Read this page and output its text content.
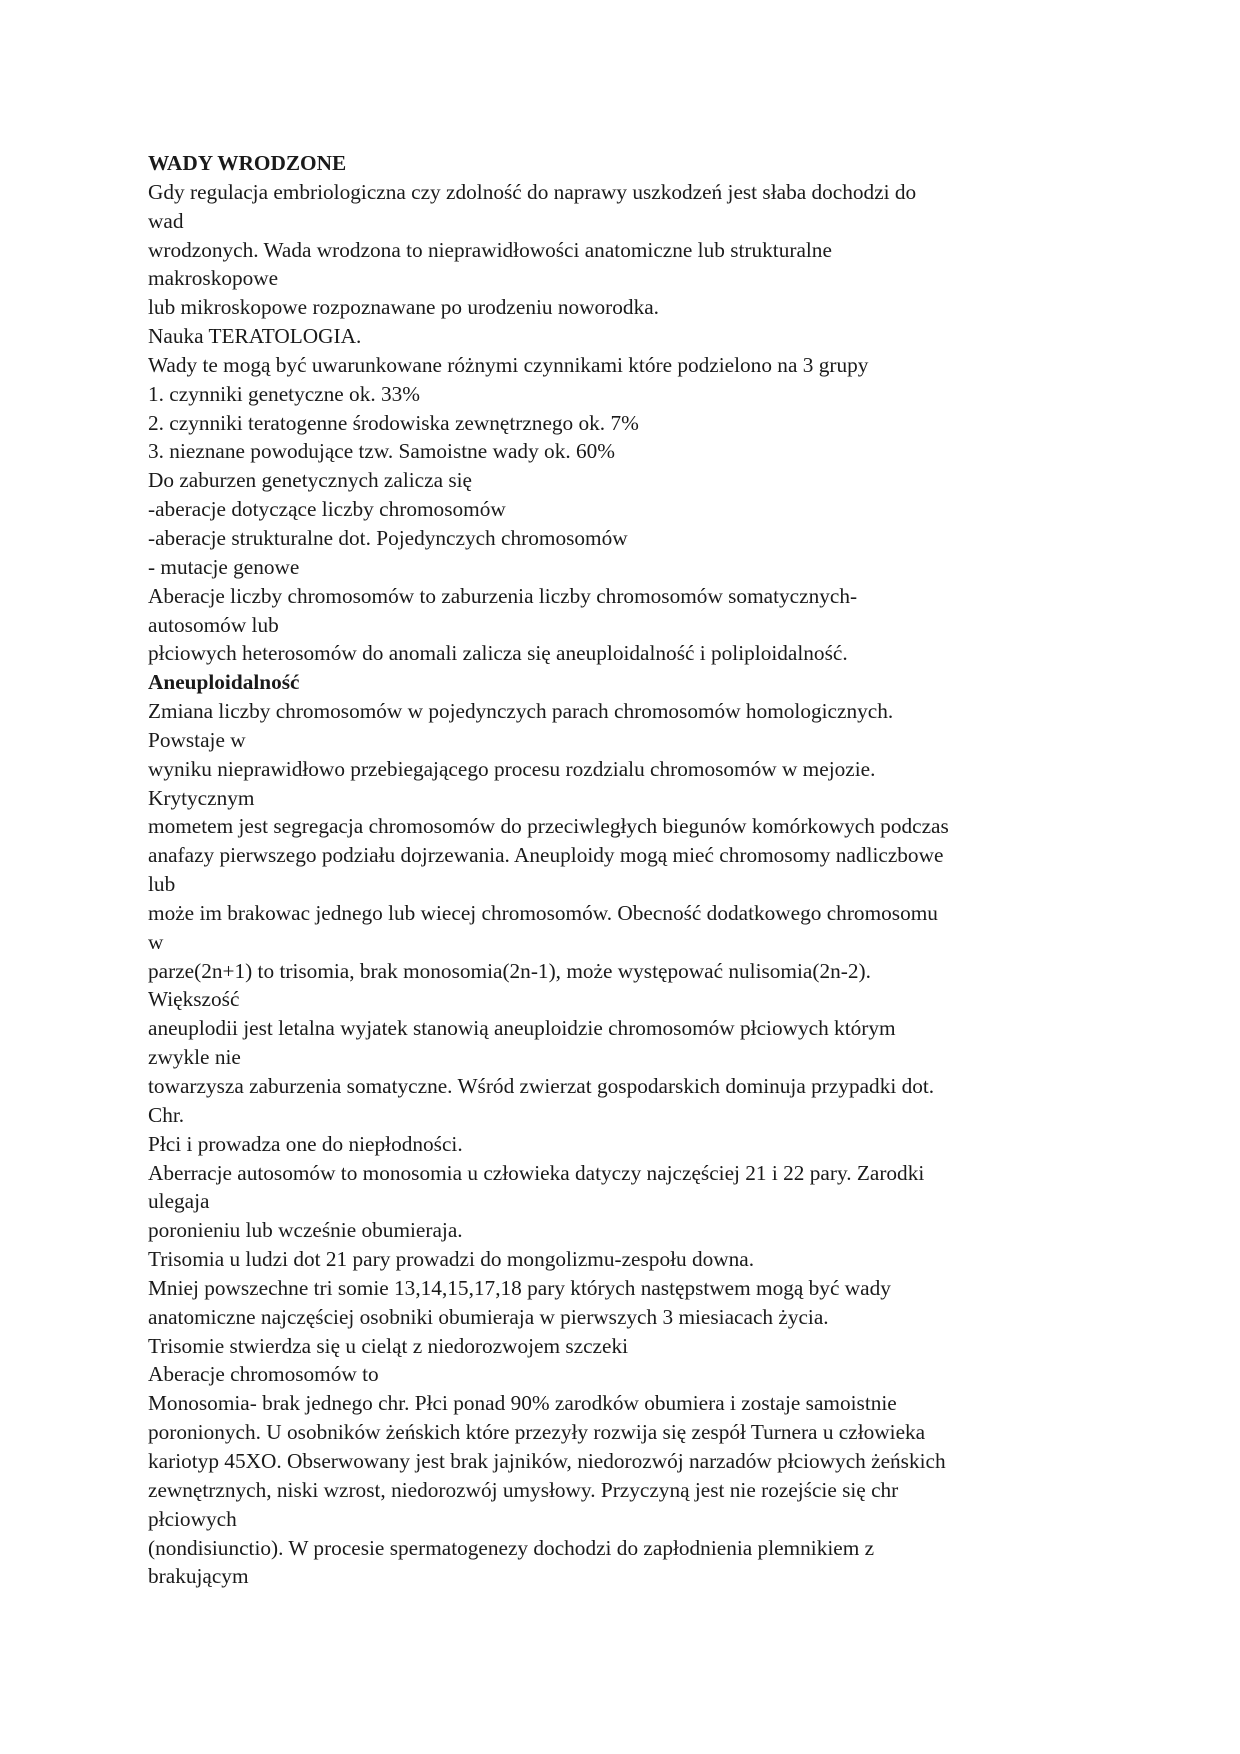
WADY WRODZONE
Gdy regulacja embriologiczna czy zdolność do naprawy uszkodzeń jest słaba dochodzi do
wad
wrodzonych. Wada wrodzona to nieprawidłowości anatomiczne lub strukturalne
makroskopowe
lub mikroskopowe rozpoznawane po urodzeniu noworodka.
Nauka TERATOLOGIA.
Wady te mogą być uwarunkowane różnymi czynnikami które podzielono na 3 grupy
1. czynniki genetyczne ok. 33%
2. czynniki teratogenne środowiska zewnętrznego ok. 7%
3. nieznane powodujące tzw. Samoistne wady ok. 60%
Do zaburzen genetycznych zalicza się
-aberacje dotyczące liczby chromosomów
-aberacje strukturalne dot. Pojedynczych chromosomów
- mutacje genowe
Aberacje liczby chromosomów to zaburzenia liczby chromosomów somatycznych-
autosomów lub
płciowych heterosomów do anomali zalicza się aneuploidalność i poliploidalność.
Aneuploidalność
Zmiana liczby chromosomów w pojedynczych parach chromosomów homologicznych.
Powstaje w
wyniku nieprawidłowo przebiegającego procesu rozdzialu chromosomów w mejozie.
Krytycznym
mometem jest segregacja chromosomów do przeciwległych biegunów komórkowych podczas
anafazy pierwszego podziału dojrzewania. Aneuploidy mogą mieć chromosomy nadliczbowe
lub
może im brakowac jednego lub wiecej chromosomów. Obecność dodatkowego chromosomu
w
parze(2n+1) to trisomia, brak monosomia(2n-1), może występować nulisomia(2n-2).
Większość
aneuplodii jest letalna wyjatek stanowią aneuploidzie chromosomów płciowych którym
zwykle nie
towarzysza zaburzenia somatyczne. Wśród zwierzat gospodarskich dominuja przypadki dot.
Chr.
Płci i prowadza one do niepłodności.
Aberracje autosomów to monosomia u człowieka datyczy najczęściej 21 i 22 pary. Zarodki
ulegaja
poronieniu lub wcześnie obumieraja.
Trisomia u ludzi dot 21 pary prowadzi do mongolizmu-zespołu downa.
Mniej powszechne tri somie 13,14,15,17,18 pary których następstwem mogą być wady
anatomiczne najczęściej osobniki obumieraja w pierwszych 3 miesiacach życia.
Trisomie stwierdza się u cieląt z niedorozwojem szczeki
Aberacje chromosomów to
Monosomia- brak jednego chr. Płci ponad 90% zarodków obumiera i zostaje samoistnie
poronionych. U osobników żeńskich które przezyły rozwija się zespół Turnera u człowieka
kariotyp 45XO. Obserwowany jest brak jajników, niedorozwój narzadów płciowych żeńskich
zewnętrznych, niski wzrost, niedorozwój umysłowy. Przyczyną jest nie rozejście się chr
płciowych
(nondisiunctio). W procesie spermatogenezy dochodzi do zapłodnienia plemnikiem z
brakującym
